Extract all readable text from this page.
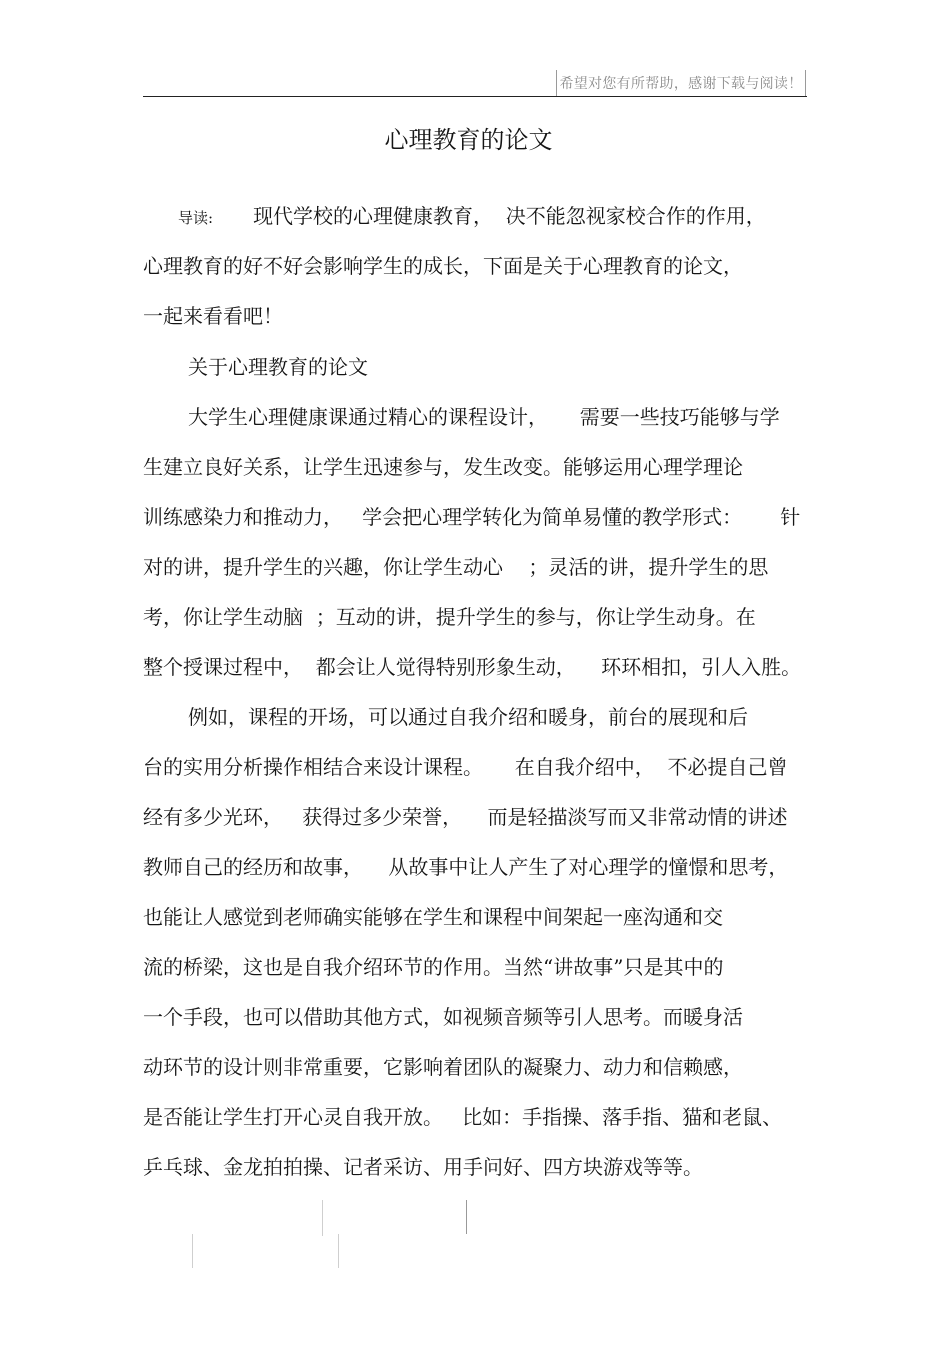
希望对您有所帮助，感谢下载与阅读！
心理教育的论文
导读: 现代学校的心理健康教育，  决不能忽视家校合作的作用，
心理教育的好不好会影响学生的成长，下面是关于心理教育的论文，
一起来看看吧！
关于心理教育的论文
大学生心理健康课通过精心的课程设计，     需要一些技巧能够与学
生建立良好关系，让学生迅速参与，发生改变。能够运用心理学理论
训练感染力和推动力，   学会把心理学转化为简单易懂的教学形式：      针
对的讲，提升学生的兴趣，你让学生动心    ；灵活的讲，提升学生的思
考，你让学生动脑  ；互动的讲，提升学生的参与，你让学生动身。在
整个授课过程中，  都会让人觉得特别形象生动，    环环相扣，引人入胜。
例如，课程的开场，可以通过自我介绍和暖身，前台的展现和后
台的实用分析操作相结合来设计课程。     在自我介绍中，  不必提自己曾
经有多少光环，   获得过多少荣誉，    而是轻描淡写而又非常动情的讲述
教师自己的经历和故事，    从故事中让人产生了对心理学的憧憬和思考，
也能让人感觉到老师确实能够在学生和课程中间架起一座沟通和交
流的桥梁，这也是自我介绍环节的作用。当然“讲故事”只是其中的
一个手段，也可以借助其他方式，如视频音频等引人思考。而暖身活
动环节的设计则非常重要，它影响着团队的凝聚力、动力和信赖感，
是否能让学生打开心灵自我开放。   比如：手指操、落手指、猫和老鼠、
乒乓球、金龙拍拍操、记者采访、用手问好、四方块游戏等等。
